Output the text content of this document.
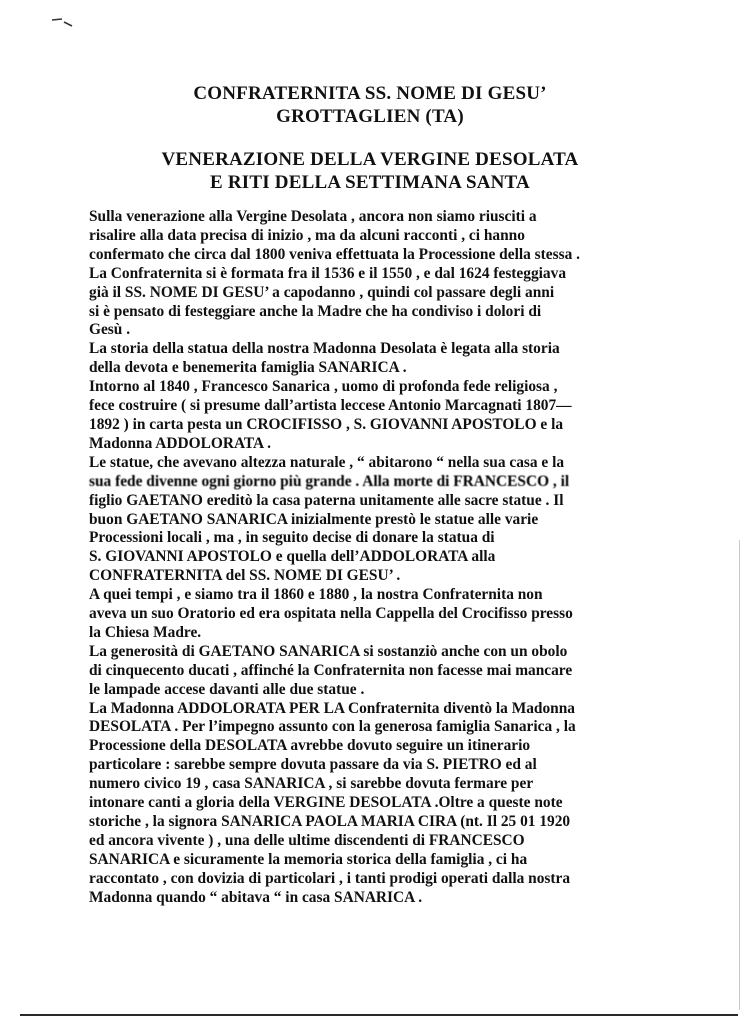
CONFRATERNITA SS. NOME DI GESU’
GROTTAGLIEN (TA)
VENERAZIONE DELLA VERGINE DESOLATA
E RITI DELLA SETTIMANA SANTA
Sulla venerazione alla Vergine Desolata , ancora non siamo riusciti a
risalire alla data precisa di inizio , ma da alcuni racconti , ci hanno
confermato che circa dal 1800 veniva effettuata la Processione della stessa .
La Confraternita si è formata fra il 1536 e il 1550 , e dal 1624 festeggiava
già il SS. NOME DI GESU’ a capodanno , quindi col passare degli anni
si è pensato di festeggiare anche la Madre che ha condiviso i dolori di
Gesù .
La storia della statua della nostra Madonna Desolata è legata alla storia
della devota e benemerita famiglia SANARICA .
Intorno al 1840 , Francesco Sanarica , uomo di profonda fede religiosa ,
fece costruire ( si presume dall’artista leccese Antonio Marcagnati 1807—
1892 ) in carta pesta un CROCIFISSO , S. GIOVANNI APOSTOLO e la
Madonna ADDOLORATA .
Le statue, che avevano altezza naturale , “ abitarono “ nella sua casa e la
sua fede divenne ogni giorno più grande . Alla morte di FRANCESCO , il
figlio GAETANO ereditò la casa paterna unitamente alle sacre statue . Il
buon GAETANO SANARICA inizialmente prestò le statue alle varie
Processioni locali , ma , in seguito decise di donare la statua di
S. GIOVANNI APOSTOLO e quella dell’ADDOLORATA alla
CONFRATERNITA del SS. NOME DI GESU’ .
A quei tempi , e siamo tra il 1860 e 1880 , la nostra Confraternita non
aveva un suo Oratorio ed era ospitata nella Cappella del Crocifisso presso
la Chiesa Madre.
La generosità di GAETANO SANARICA si sostanziò anche con un obolo
di cinquecento ducati , affinché la Confraternita non facesse mai mancare
le lampade accese davanti alle due statue .
La Madonna ADDOLORATA PER LA Confraternita diventò la Madonna
DESOLATA . Per l’impegno assunto con la generosa famiglia Sanarica , la
Processione della DESOLATA avrebbe dovuto seguire un itinerario
particolare : sarebbe sempre dovuta passare da via S. PIETRO ed al
numero civico 19 , casa SANARICA , si sarebbe dovuta fermare per
intonare canti a gloria della VERGINE DESOLATA .Oltre a queste note
storiche , la signora SANARICA PAOLA MARIA CIRA (nt. Il 25 01 1920
ed ancora vivente ) , una delle ultime discendenti di FRANCESCO
SANARICA e sicuramente la memoria storica della famiglia , ci ha
raccontato , con dovizia di particolari , i tanti prodigi operati dalla nostra
Madonna quando “ abitava “ in casa SANARICA .
